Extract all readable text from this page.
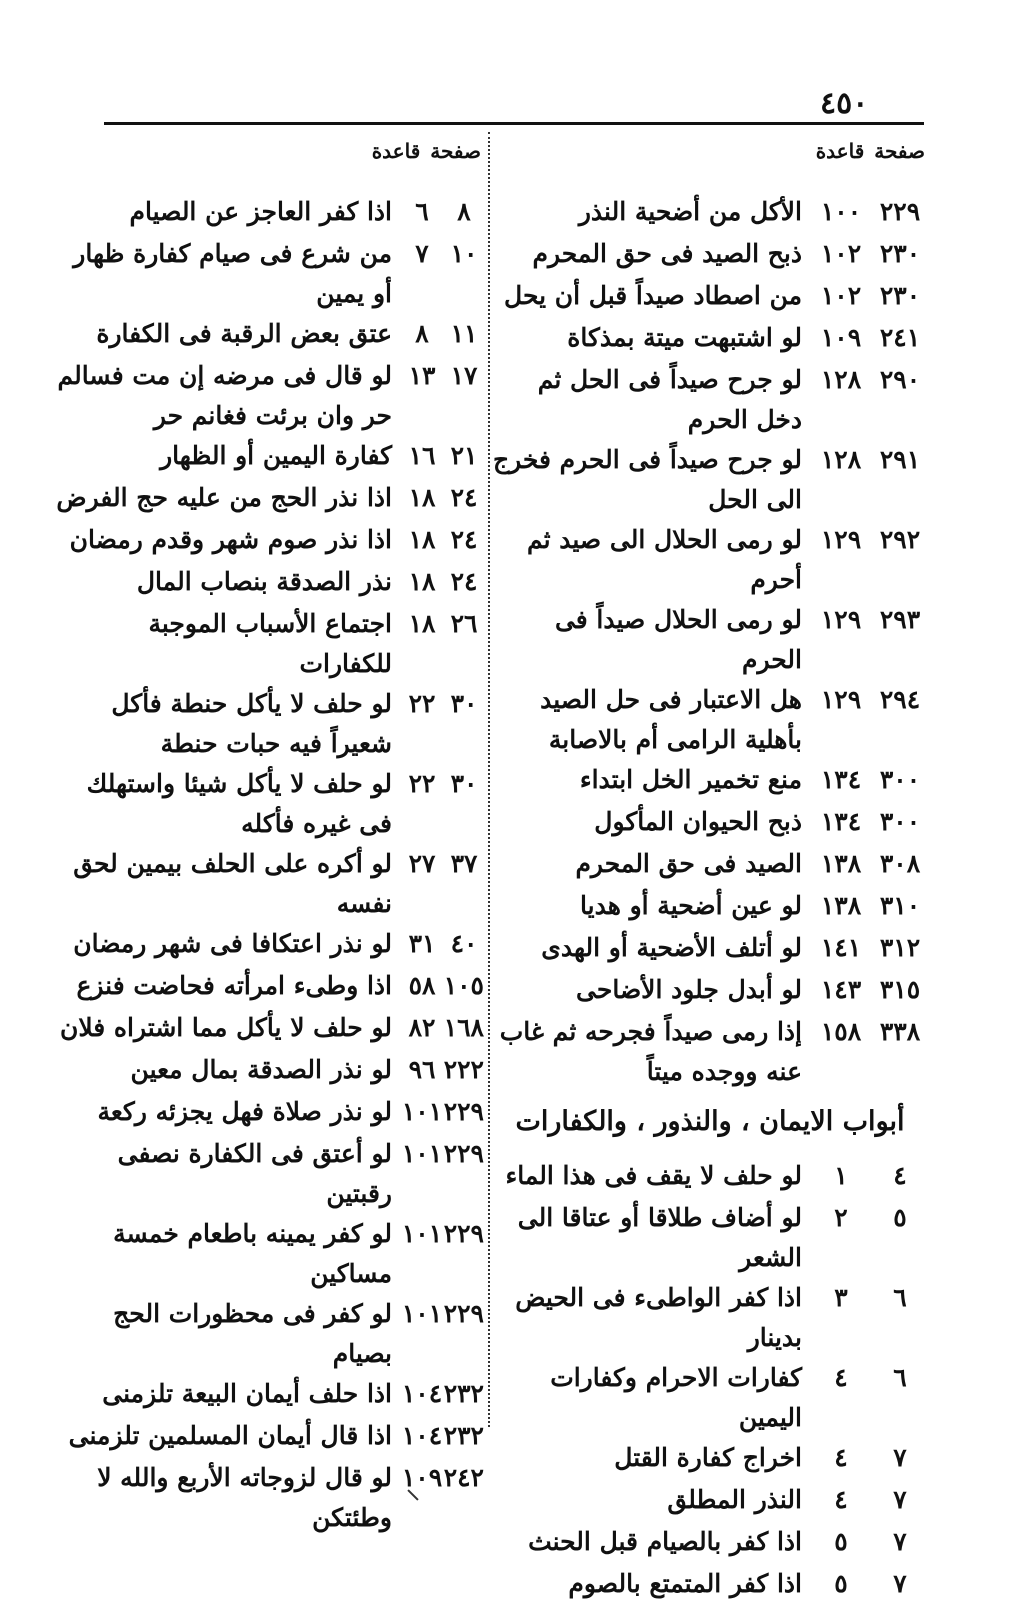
٤٥٠
صفحة
قاعدة
صفحة
قاعدة
٢٢٩
١٠٠
الأكل من أضحية النذر
٢٣٠
١٠٢
ذبح الصيد فى حق المحرم
٢٣٠
١٠٢
من اصطاد صيداً قبل أن يحل
٢٤١
١٠٩
لو اشتبهت ميتة بمذكاة
٢٩٠
١٢٨
لو جرح صيداً فى الحل ثم دخل الحرم
٢٩١
١٢٨
لو جرح صيداً فى الحرم فخرج الى الحل
٢٩٢
١٢٩
لو رمى الحلال الى صيد ثم أحرم
٢٩٣
١٢٩
لو رمى الحلال صيداً فى الحرم
٢٩٤
١٢٩
هل الاعتبار فى حل الصيد بأهلية الرامى أم بالاصابة
٣٠٠
١٣٤
منع تخمير الخل ابتداء
٣٠٠
١٣٤
ذبح الحيوان المأكول
٣٠٨
١٣٨
الصيد فى حق المحرم
٣١٠
١٣٨
لو عين أضحية أو هديا
٣١٢
١٤١
لو أتلف الأضحية أو الهدى
٣١٥
١٤٣
لو أبدل جلود الأضاحى
٣٣٨
١٥٨
إذا رمى صيداً فجرحه ثم غاب عنه ووجده ميتاً
أبواب الايمان ، والنذور ، والكفارات
٤
١
لو حلف لا يقف فى هذا الماء
٥
٢
لو أضاف طلاقا أو عتاقا الى الشعر
٦
٣
اذا كفر الواطىء فى الحيض بدينار
٦
٤
كفارات الاحرام وكفارات اليمين
٧
٤
اخراج كفارة القتل
٧
٤
النذر المطلق
٧
٥
اذا كفر بالصيام قبل الحنث
٧
٥
اذا كفر المتمتع بالصوم
٨
٦
اذا كفر العاجز عن الصيام
١٠
٧
من شرع فى صيام كفارة ظهار أو يمين
١١
٨
عتق بعض الرقبة فى الكفارة
١٧
١٣
لو قال فى مرضه إن مت فسالم حر وان برئت فغانم حر
٢١
١٦
كفارة اليمين أو الظهار
٢٤
١٨
اذا نذر الحج من عليه حج الفرض
٢٤
١٨
اذا نذر صوم شهر وقدم رمضان
٢٤
١٨
نذر الصدقة بنصاب المال
٢٦
١٨
اجتماع الأسباب الموجبة للكفارات
٣٠
٢٢
لو حلف لا يأكل حنطة فأكل شعيراً فيه حبات حنطة
٣٠
٢٢
لو حلف لا يأكل شيئا واستهلك فى غيره فأكله
٣٧
٢٧
لو أكره على الحلف بيمين لحق نفسه
٤٠
٣١
لو نذر اعتكافا فى شهر رمضان
١٠٥
٥٨
اذا وطىء امرأته فحاضت فنزع
١٦٨
٨٢
لو حلف لا يأكل مما اشتراه فلان
٢٢٢
٩٦
لو نذر الصدقة بمال معين
٢٢٩
١٠١
لو نذر صلاة فهل يجزئه ركعة
٢٢٩
١٠١
لو أعتق فى الكفارة نصفى رقبتين
٢٢٩
١٠١
لو كفر يمينه باطعام خمسة مساكين
٢٢٩
١٠١
لو كفر فى محظورات الحج بصيام
٢٣٢
١٠٤
اذا حلف أيمان البيعة تلزمنى
٢٣٢
١٠٤
اذا قال أيمان المسلمين تلزمنى
٢٤٢
١٠٩
لو قال لزوجاته الأربع والله لا وطئتكن
